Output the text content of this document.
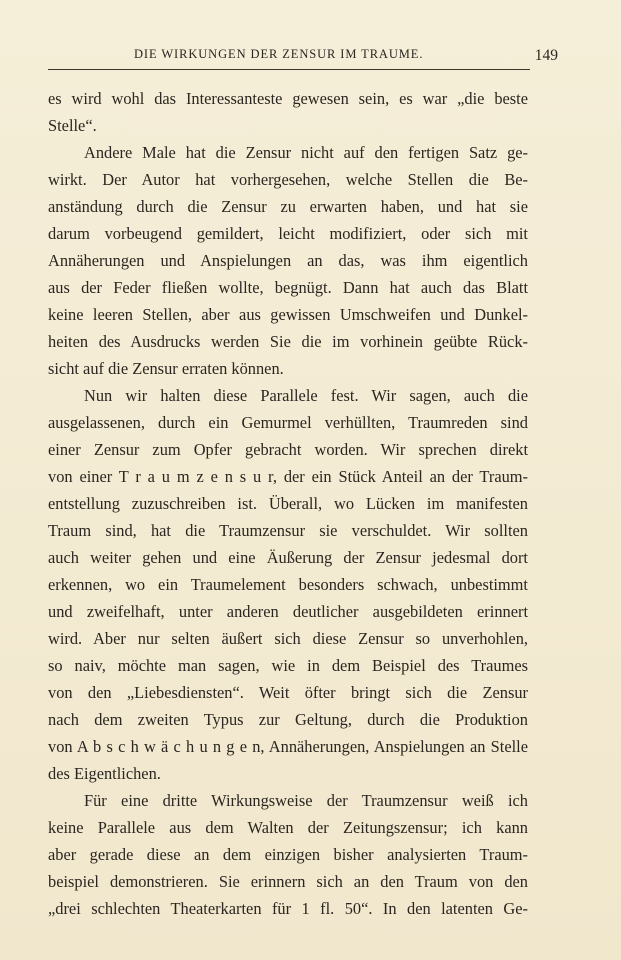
DIE WIRKUNGEN DER ZENSUR IM TRAUME.	149
es wird wohl das Interessanteste gewesen sein, es war „die beste
Stelle“.
Andere Male hat die Zensur nicht auf den fertigen Satz ge-
wirkt. Der Autor hat vorhergesehen, welche Stellen die Be-
anständung durch die Zensur zu erwarten haben, und hat sie
darum vorbeugend gemildert, leicht modifiziert, oder sich mit
Annäherungen und Anspielungen an das, was ihm eigentlich
aus der Feder fließen wollte, begnügt. Dann hat auch das Blatt
keine leeren Stellen, aber aus gewissen Umschweifen und Dunkel-
heiten des Ausdrucks werden Sie die im vorhinein geübte Rück-
sicht auf die Zensur erraten können.
Nun wir halten diese Parallele fest. Wir sagen, auch die
ausgelassenen, durch ein Gemurmel verhüllten, Traumreden sind
einer Zensur zum Opfer gebracht worden. Wir sprechen direkt
von einer T r a u m z e n s u r, der ein Stück Anteil an der Traum-
entstellung zuzuschreiben ist. Überall, wo Lücken im manifesten
Traum sind, hat die Traumzensur sie verschuldet. Wir sollten
auch weiter gehen und eine Äußerung der Zensur jedesmal dort
erkennen, wo ein Traumelement besonders schwach, unbestimmt
und zweifelhaft, unter anderen deutlicher ausgebildeten erinnert
wird. Aber nur selten äußert sich diese Zensur so unverhohlen,
so naiv, möchte man sagen, wie in dem Beispiel des Traumes
von den „Liebesdiensten“. Weit öfter bringt sich die Zensur
nach dem zweiten Typus zur Geltung, durch die Produktion
von A b s c h w ä c h u n g e n, Annäherungen, Anspielungen an Stelle
des Eigentlichen.
Für eine dritte Wirkungsweise der Traumzensur weiß ich
keine Parallele aus dem Walten der Zeitungszensur; ich kann
aber gerade diese an dem einzigen bisher analysierten Traum-
beispiel demonstrieren. Sie erinnern sich an den Traum von den
„drei schlechten Theaterkarten für 1 fl. 50“. In den latenten Ge-
